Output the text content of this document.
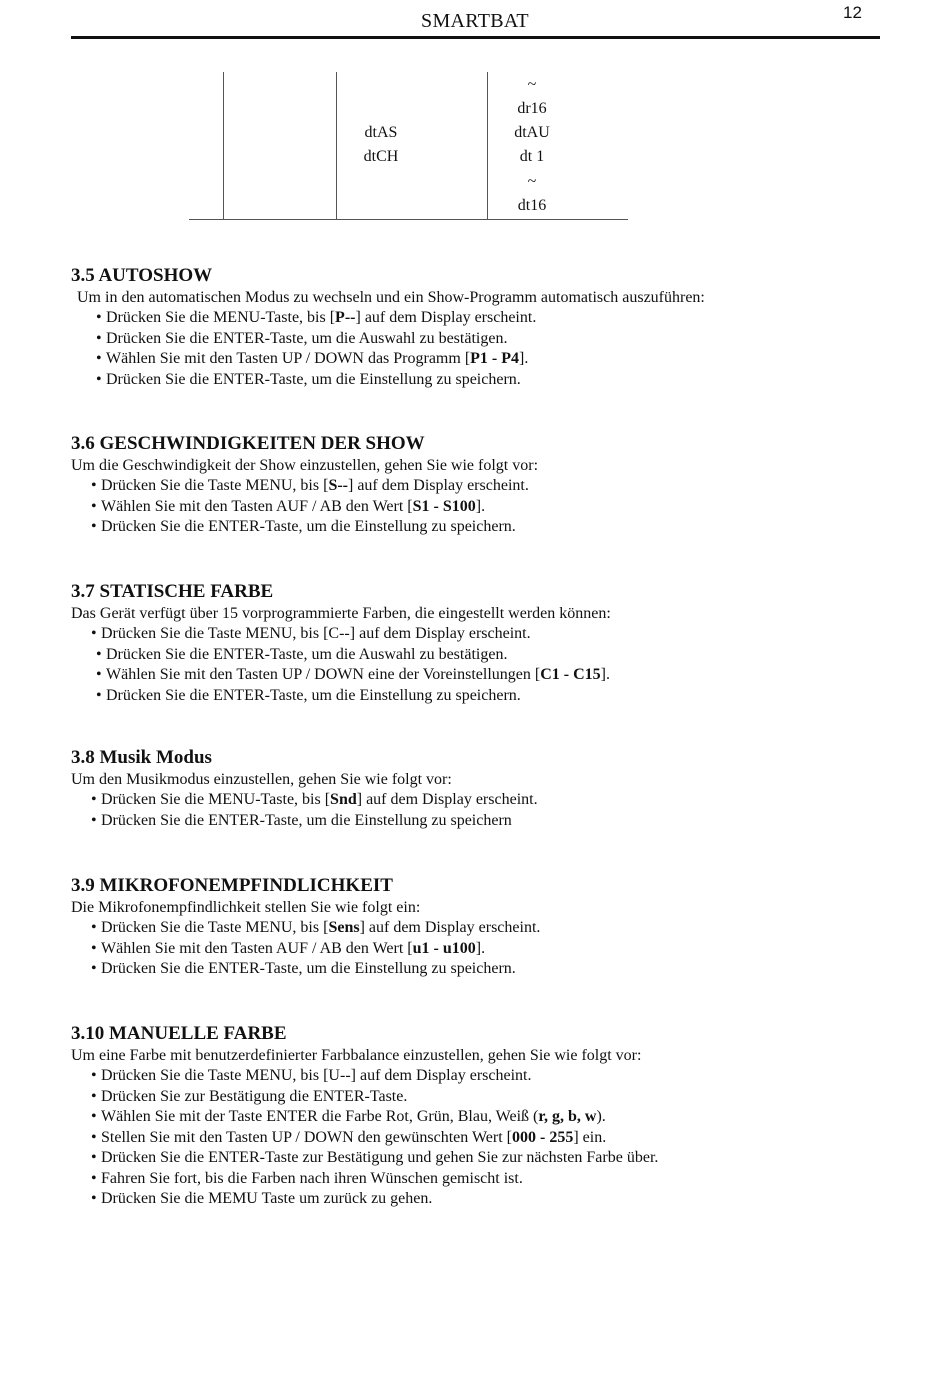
SMARTBAT	12
dtAS
dtCH
~
dr16
dtAU
dt 1
~
dt16
3.5 AUTOSHOW

Um in den automatischen Modus zu wechseln und ein Show-Programm automatisch auszuführen:

• Drücken Sie die MENU-Taste, bis [P--] auf dem Display erscheint.
• Drücken Sie die ENTER-Taste, um die Auswahl zu bestätigen.
• Wählen Sie mit den Tasten UP / DOWN das Programm [P1 - P4].
• Drücken Sie die ENTER-Taste, um die Einstellung zu speichern.
3.6 GESCHWINDIGKEITEN DER SHOW

Um die Geschwindigkeit der Show einzustellen, gehen Sie wie folgt vor:

• Drücken Sie die Taste MENU, bis [S--] auf dem Display erscheint.
• Wählen Sie mit den Tasten AUF / AB den Wert [S1 - S100].
• Drücken Sie die ENTER-Taste, um die Einstellung zu speichern.
3.7 STATISCHE FARBE

Das Gerät verfügt über 15 vorprogrammierte Farben, die eingestellt werden können:

• Drücken Sie die Taste MENU, bis [C--] auf dem Display erscheint.
• Drücken Sie die ENTER-Taste, um die Auswahl zu bestätigen.
• Wählen Sie mit den Tasten UP / DOWN eine der Voreinstellungen [C1 - C15].
• Drücken Sie die ENTER-Taste, um die Einstellung zu speichern.
3.8 Musik Modus

Um den Musikmodus einzustellen, gehen Sie wie folgt vor:

• Drücken Sie die MENU-Taste, bis [Snd] auf dem Display erscheint.
• Drücken Sie die ENTER-Taste, um die Einstellung zu speichern
3.9 MIKROFONEMPFINDLICHKEIT

Die Mikrofonempfindlichkeit stellen Sie wie folgt ein:

• Drücken Sie die Taste MENU, bis [Sens] auf dem Display erscheint.
• Wählen Sie mit den Tasten AUF / AB den Wert [u1 - u100].
• Drücken Sie die ENTER-Taste, um die Einstellung zu speichern.
3.10 MANUELLE FARBE

Um eine Farbe mit benutzerdefinierter Farbbalance einzustellen, gehen Sie wie folgt vor:

• Drücken Sie die Taste MENU, bis [U--] auf dem Display erscheint.
• Drücken Sie zur Bestätigung die ENTER-Taste.
• Wählen Sie mit der Taste ENTER die Farbe Rot, Grün, Blau, Weiß (r, g, b, w).
• Stellen Sie mit den Tasten UP / DOWN den gewünschten Wert [000 - 255] ein.
• Drücken Sie die ENTER-Taste zur Bestätigung und gehen Sie zur nächsten Farbe über.
• Fahren Sie fort, bis die Farben nach ihren Wünschen gemischt ist.
• Drücken Sie die MEMU Taste um zurück zu gehen.
